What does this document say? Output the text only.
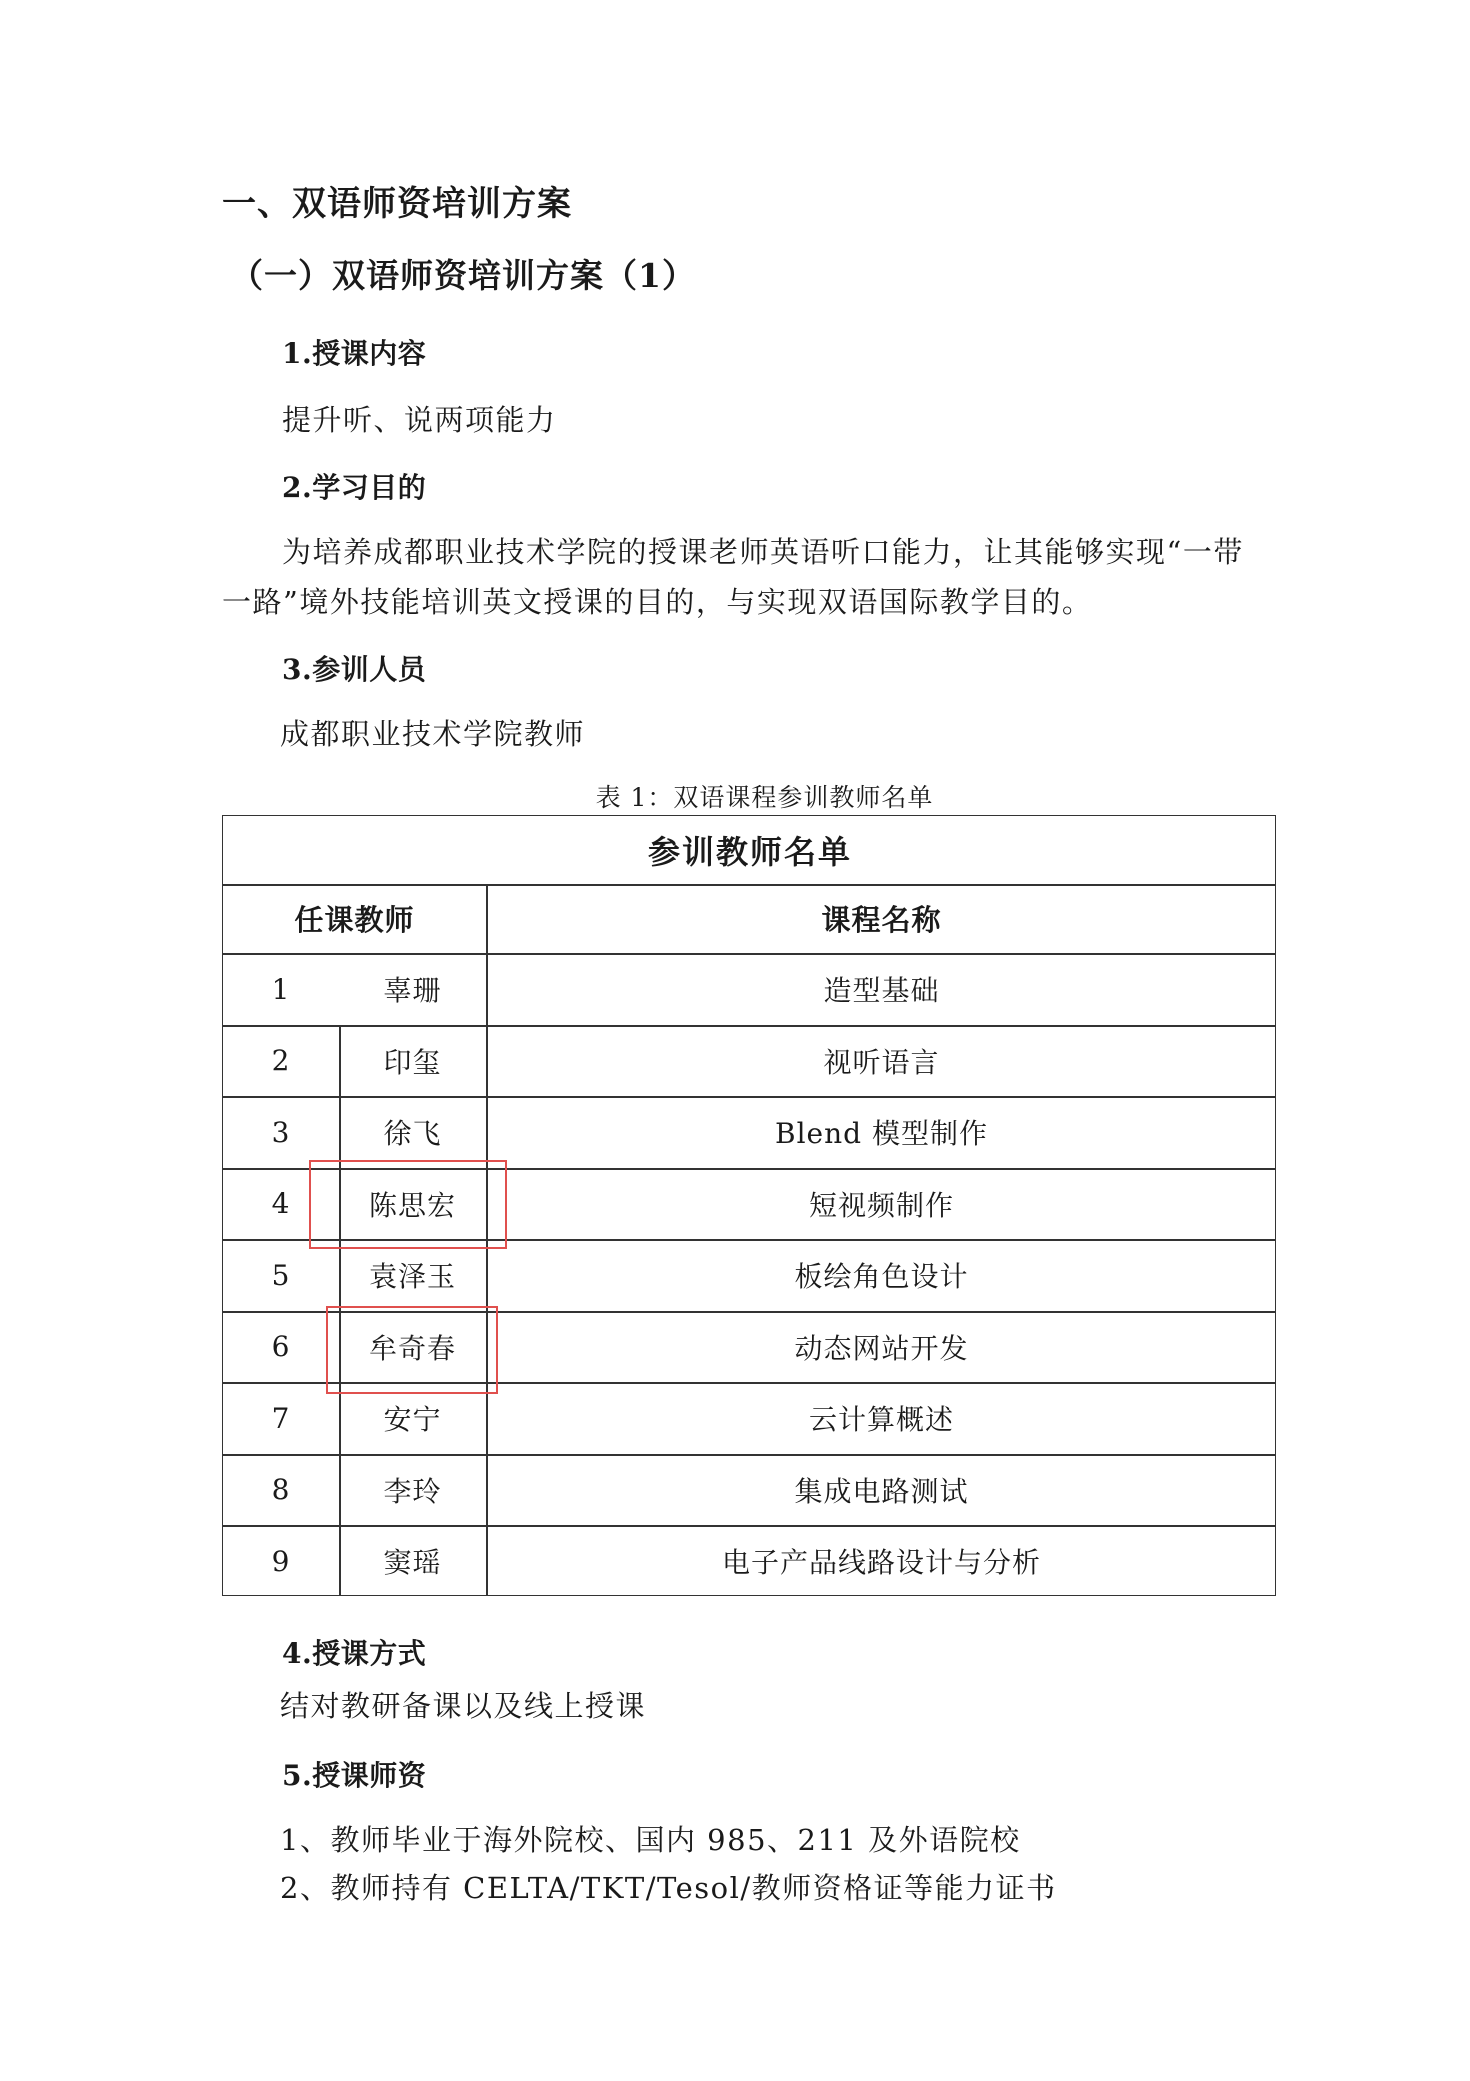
一、双语师资培训方案
（一）双语师资培训方案（1）
1.授课内容
提升听、说两项能力
2.学习目的
为培养成都职业技术学院的授课老师英语听口能力，让其能够实现“一带
一路”境外技能培训英文授课的目的，与实现双语国际教学目的。
3.参训人员
成都职业技术学院教师
表 1：双语课程参训教师名单
参训教师名单
任课教师	课程名称
1	辜珊	造型基础
2	印玺	视听语言
3	徐飞	Blend 模型制作
4	陈思宏	短视频制作
5	袁泽玉	板绘角色设计
6	牟奇春	动态网站开发
7	安宁	云计算概述
8	李玲	集成电路测试
9	窦瑶	电子产品线路设计与分析
4.授课方式
结对教研备课以及线上授课
5.授课师资
1、教师毕业于海外院校、国内 985、211 及外语院校
2、教师持有 CELTA/TKT/Tesol/教师资格证等能力证书
